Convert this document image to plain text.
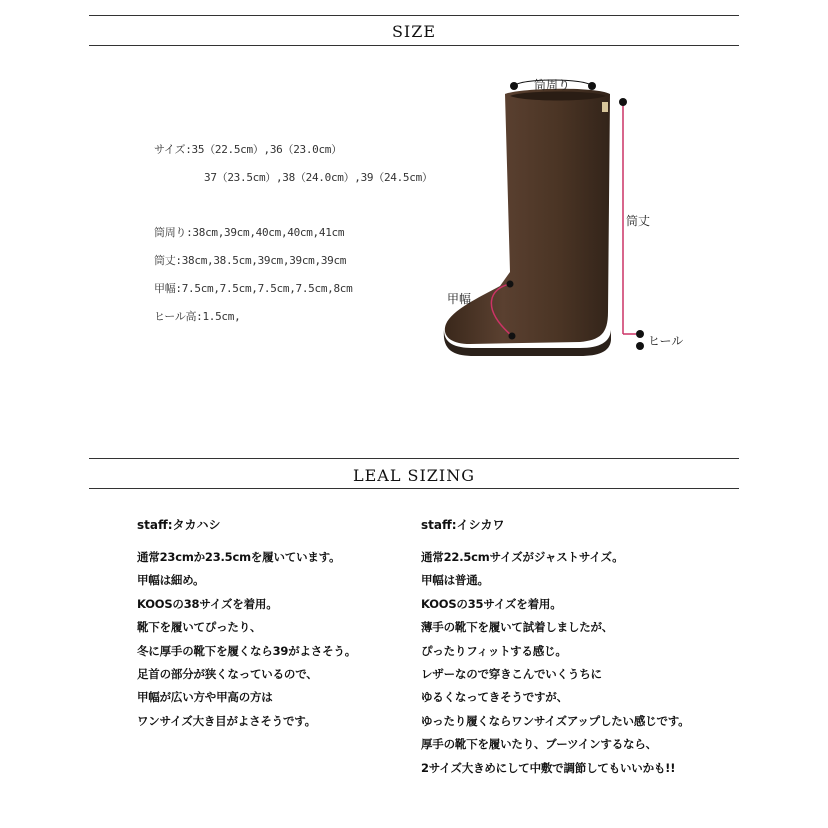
SIZE
サイズ:35（22.5cm）,36（23.0cm）
37（23.5cm）,38（24.0cm）,39（24.5cm）
筒周り:38cm,39cm,40cm,40cm,41cm
筒丈:38cm,38.5cm,39cm,39cm,39cm
甲幅:7.5cm,7.5cm,7.5cm,7.5cm,8cm
ヒール高:1.5cm,
筒周り
筒丈
甲幅
ヒール
LEAL SIZING
staff:タカハシ
通常23cmか23.5cmを履いています。
甲幅は細め。
KOOSの38サイズを着用。
靴下を履いてぴったり、
冬に厚手の靴下を履くなら39がよさそう。
足首の部分が狭くなっているので、
甲幅が広い方や甲高の方は
ワンサイズ大き目がよさそうです。
staff:イシカワ
通常22.5cmサイズがジャストサイズ。
甲幅は普通。
KOOSの35サイズを着用。
薄手の靴下を履いて試着しましたが、
ぴったりフィットする感じ。
レザーなので穿きこんでいくうちに
ゆるくなってきそうですが、
ゆったり履くならワンサイズアップしたい感じです。
厚手の靴下を履いたり、ブーツインするなら、
2サイズ大きめにして中敷で調節してもいいかも!!
